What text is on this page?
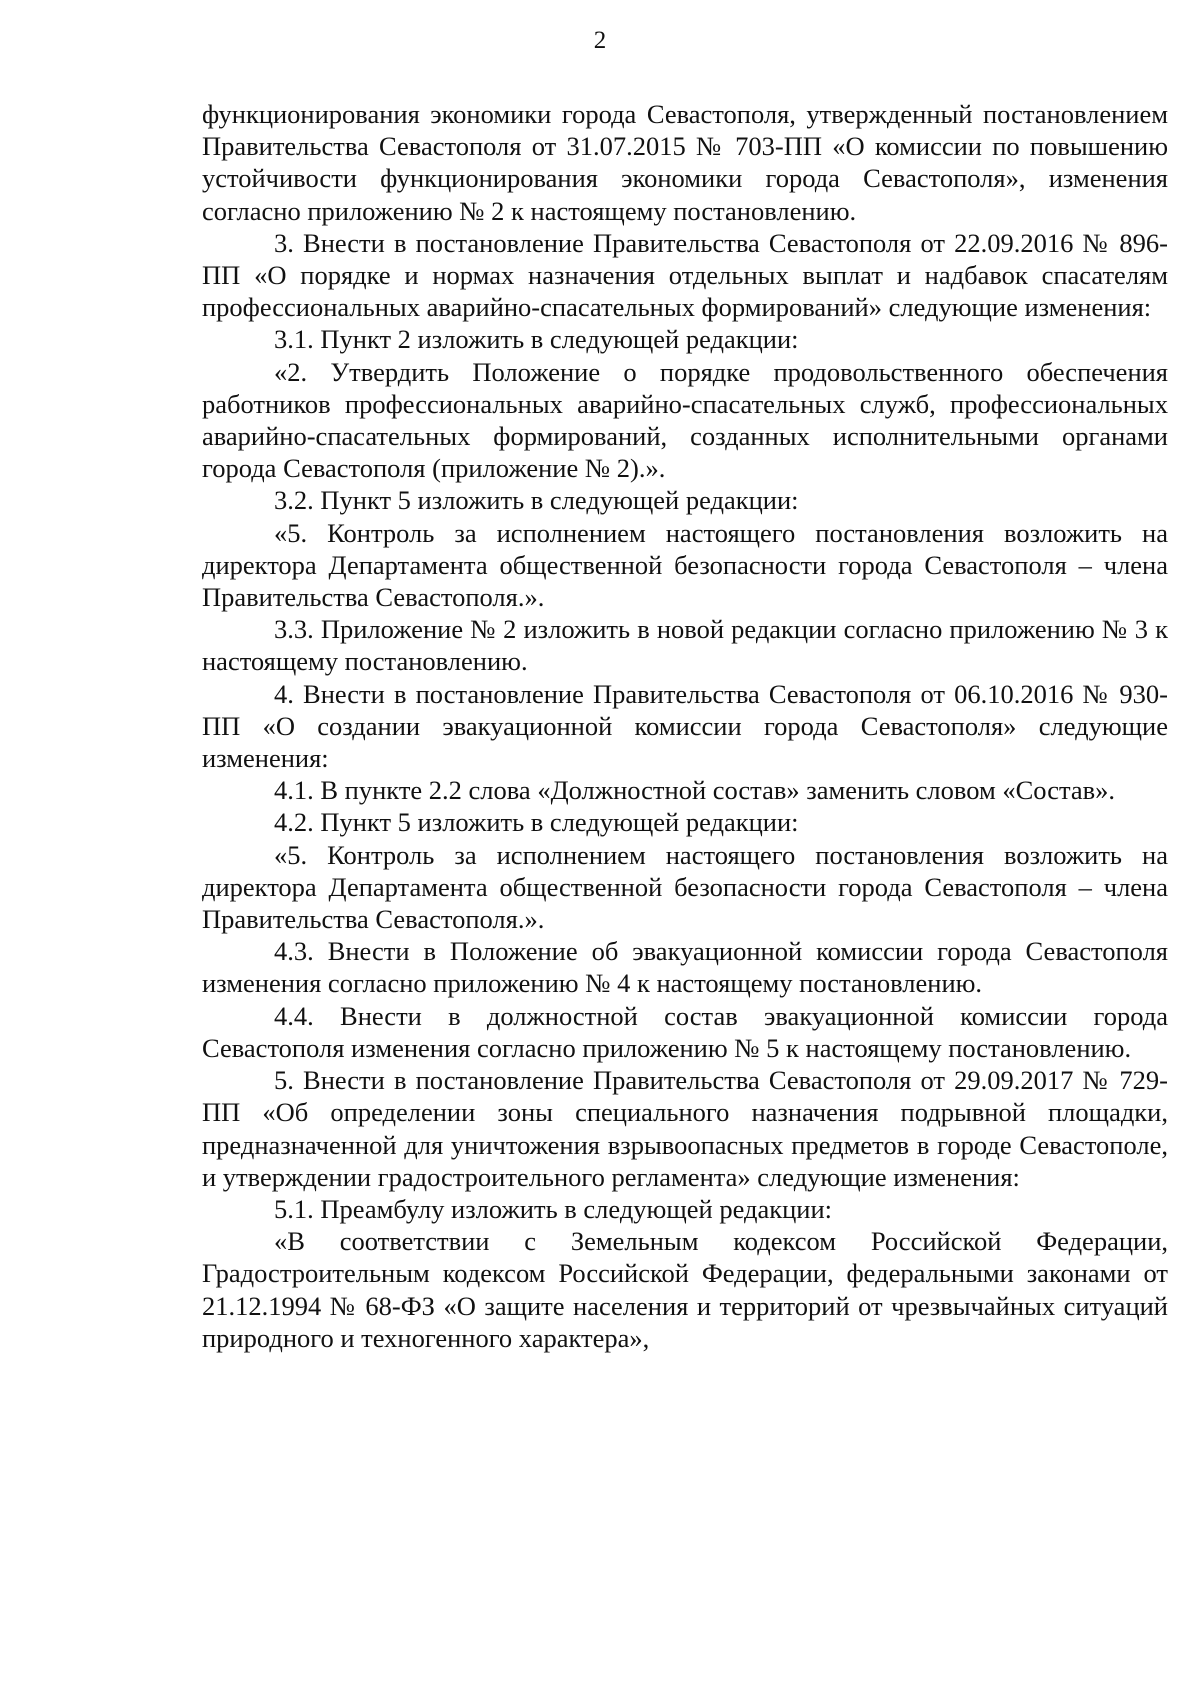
2

функционирования экономики города Севастополя, утвержденный постановлением Правительства Севастополя от 31.07.2015 № 703-ПП «О комиссии по повышению устойчивости функционирования экономики города Севастополя», изменения согласно приложению № 2 к настоящему постановлению.

3. Внести в постановление Правительства Севастополя от 22.09.2016 № 896-ПП «О порядке и нормах назначения отдельных выплат и надбавок спасателям профессиональных аварийно-спасательных формирований» следующие изменения:

3.1. Пункт 2 изложить в следующей редакции:

«2. Утвердить Положение о порядке продовольственного обеспечения работников профессиональных аварийно-спасательных служб, профессиональных аварийно-спасательных формирований, созданных исполнительными органами города Севастополя (приложение № 2).».

3.2. Пункт 5 изложить в следующей редакции:

«5. Контроль за исполнением настоящего постановления возложить на директора Департамента общественной безопасности города Севастополя – члена Правительства Севастополя.».

3.3. Приложение № 2 изложить в новой редакции согласно приложению № 3 к настоящему постановлению.

4. Внести в постановление Правительства Севастополя от 06.10.2016 № 930-ПП «О создании эвакуационной комиссии города Севастополя» следующие изменения:

4.1. В пункте 2.2 слова «Должностной состав» заменить словом «Состав».

4.2. Пункт 5 изложить в следующей редакции:

«5. Контроль за исполнением настоящего постановления возложить на директора Департамента общественной безопасности города Севастополя – члена Правительства Севастополя.».

4.3. Внести в Положение об эвакуационной комиссии города Севастополя изменения согласно приложению № 4 к настоящему постановлению.

4.4. Внести в должностной состав эвакуационной комиссии города Севастополя изменения согласно приложению № 5 к настоящему постановлению.

5. Внести в постановление Правительства Севастополя от 29.09.2017 № 729-ПП «Об определении зоны специального назначения подрывной площадки, предназначенной для уничтожения взрывоопасных предметов в городе Севастополе, и утверждении градостроительного регламента» следующие изменения:

5.1. Преамбулу изложить в следующей редакции:

«В соответствии с Земельным кодексом Российской Федерации, Градостроительным кодексом Российской Федерации, федеральными законами от 21.12.1994 № 68-ФЗ «О защите населения и территорий от чрезвычайных ситуаций природного и техногенного характера»,
